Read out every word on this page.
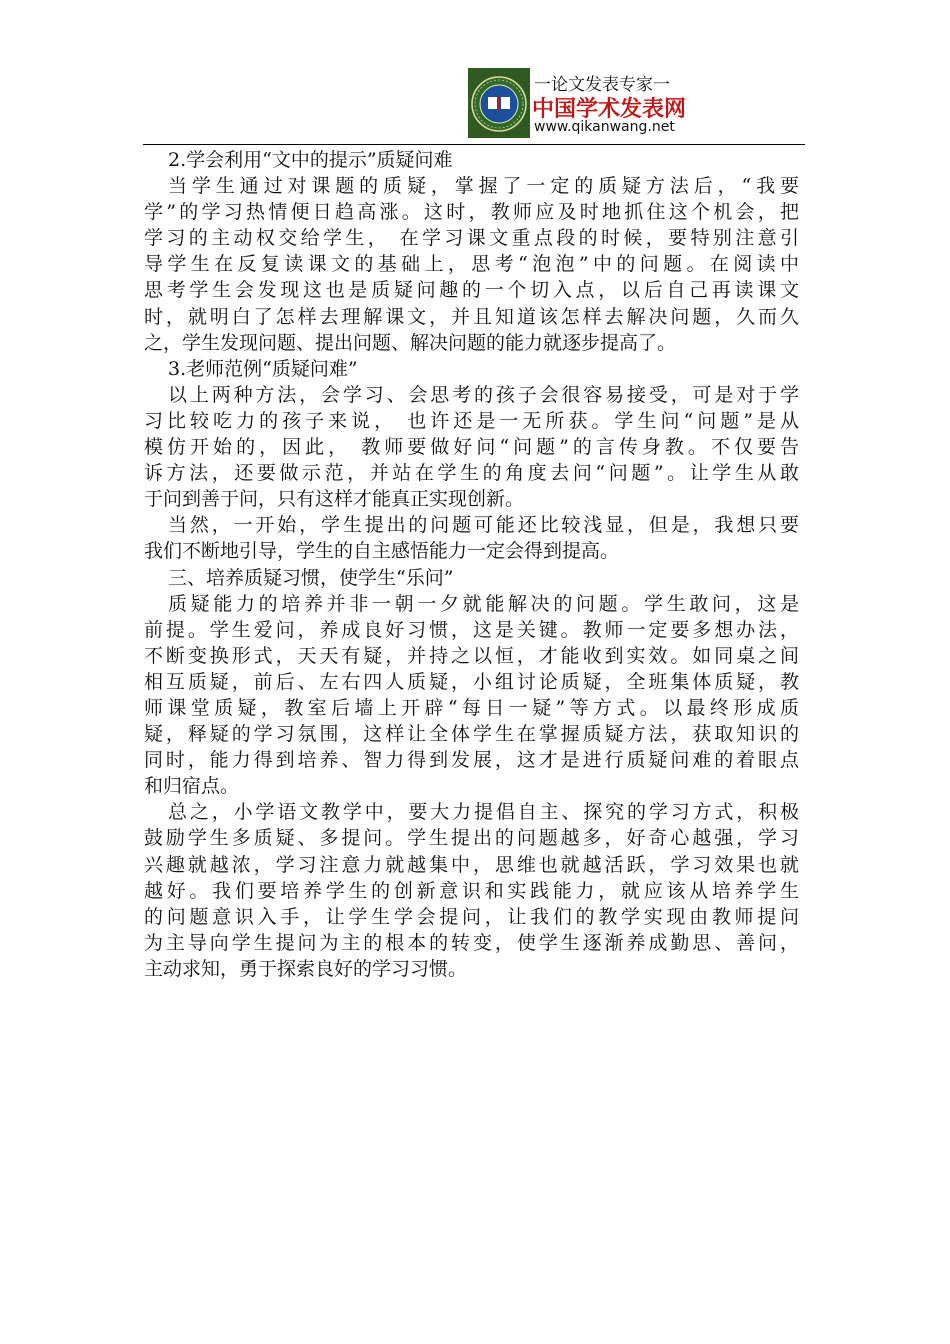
一论文发表专家一
中国学术发表网
www.qikanwang.net
2.学会利用“文中的提示”质疑问难
当学生通过对课题的质疑，掌握了一定的质疑方法后，“我要
学”的学习热情便日趋高涨。这时，教师应及时地抓住这个机会，把
学习的主动权交给学生， 在学习课文重点段的时候，要特别注意引
导学生在反复读课文的基础上，思考“泡泡”中的问题。在阅读中
思考学生会发现这也是质疑问趣的一个切入点，以后自己再读课文
时，就明白了怎样去理解课文，并且知道该怎样去解决问题，久而久
之，学生发现问题、提出问题、解决问题的能力就逐步提高了。
3.老师范例“质疑问难”
以上两种方法，会学习、会思考的孩子会很容易接受，可是对于学
习比较吃力的孩子来说， 也许还是一无所获。学生问“问题”是从
模仿开始的，因此， 教师要做好问“问题”的言传身教。不仅要告
诉方法，还要做示范，并站在学生的角度去问“问题”。让学生从敢
于问到善于问，只有这样才能真正实现创新。
当然，一开始，学生提出的问题可能还比较浅显，但是，我想只要
我们不断地引导，学生的自主感悟能力一定会得到提高。
三、培养质疑习惯，使学生“乐问”
质疑能力的培养并非一朝一夕就能解决的问题。学生敢问，这是
前提。学生爱问，养成良好习惯，这是关键。教师一定要多想办法，
不断变换形式，天天有疑，并持之以恒，才能收到实效。如同桌之间
相互质疑，前后、左右四人质疑，小组讨论质疑，全班集体质疑，教
师课堂质疑，教室后墙上开辟“每日一疑”等方式。以最终形成质
疑，释疑的学习氛围，这样让全体学生在掌握质疑方法，获取知识的
同时，能力得到培养、智力得到发展，这才是进行质疑问难的着眼点
和归宿点。
总之，小学语文教学中，要大力提倡自主、探究的学习方式，积极
鼓励学生多质疑、多提问。学生提出的问题越多，好奇心越强，学习
兴趣就越浓，学习注意力就越集中，思维也就越活跃，学习效果也就
越好。我们要培养学生的创新意识和实践能力，就应该从培养学生
的问题意识入手，让学生学会提问，让我们的教学实现由教师提问
为主导向学生提问为主的根本的转变，使学生逐渐养成勤思、善问，
主动求知，勇于探索良好的学习习惯。
